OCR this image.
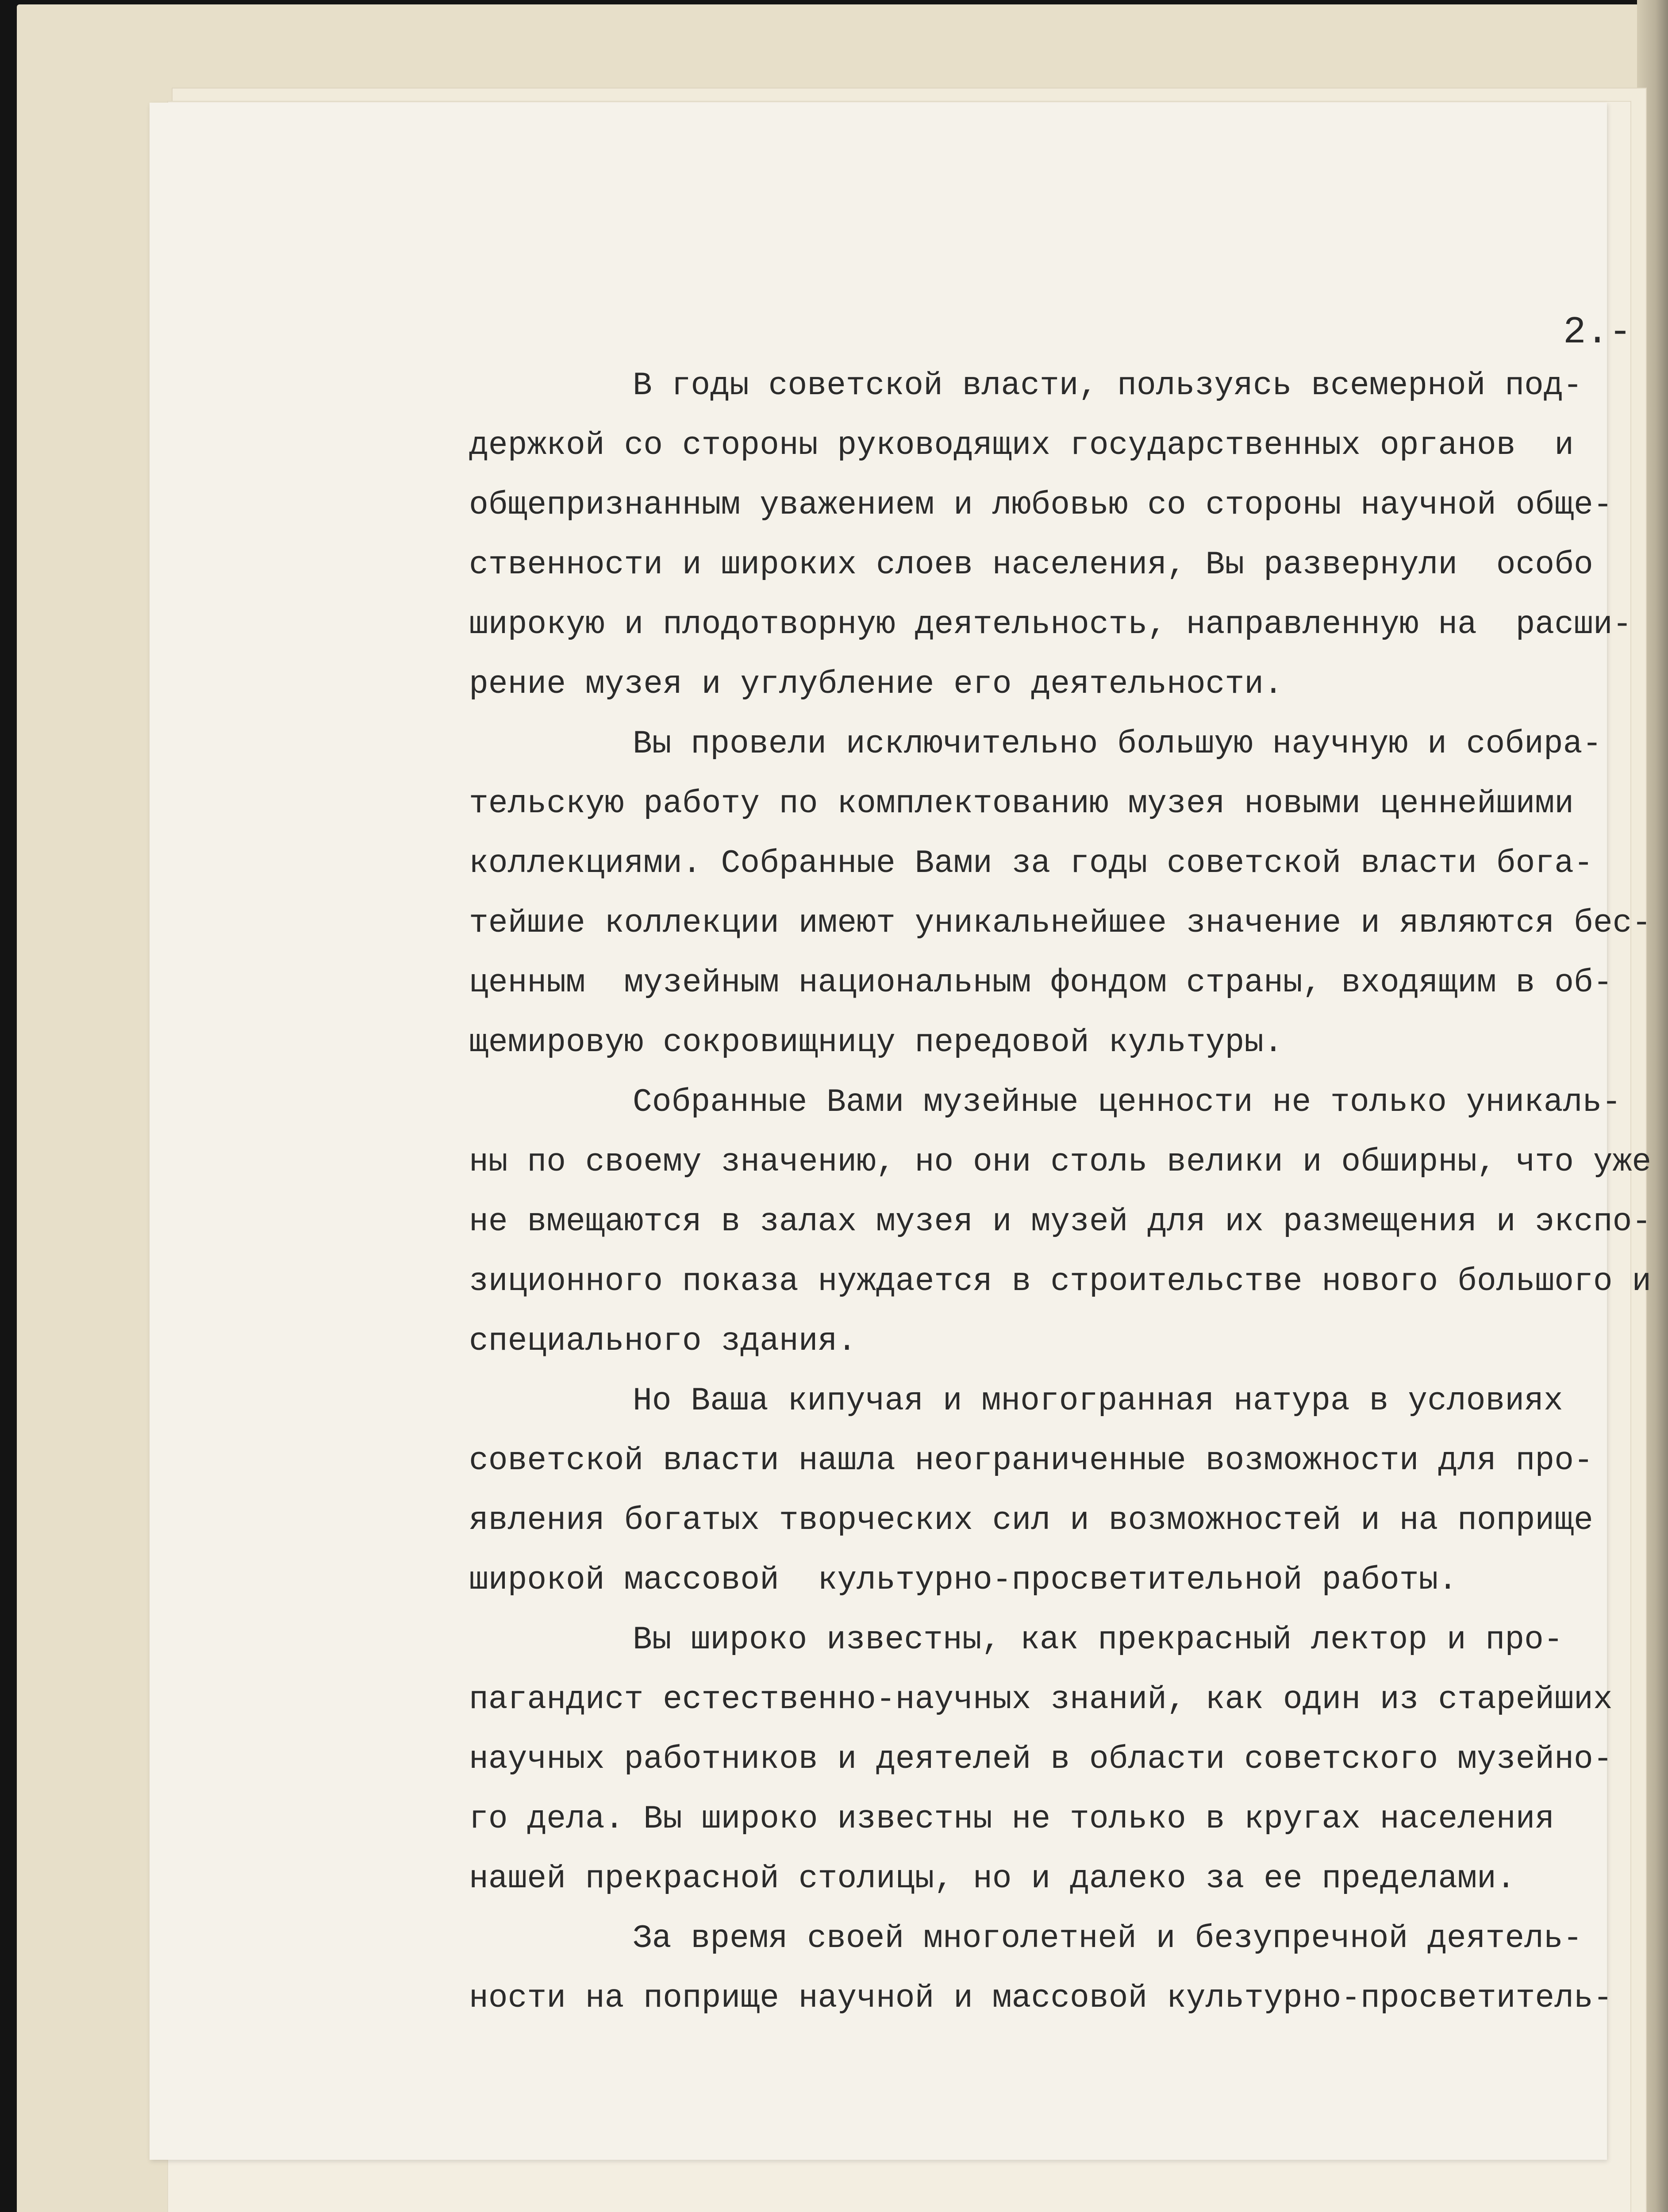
2.-
В годы советской власти, пользуясь всемерной под-
держкой со стороны руководящих государственных органов  и
общепризнанным уважением и любовью со стороны научной обще-
ственности и широких слоев населения, Вы развернули  особо
широкую и плодотворную деятельность, направленную на  расши-
рение музея и углубление его деятельности.
Вы провели исключительно большую научную и собира-
тельскую работу по комплектованию музея новыми ценнейшими
коллекциями. Собранные Вами за годы советской власти бога-
тейшие коллекции имеют уникальнейшее значение и являются бес-
ценным  музейным национальным фондом страны, входящим в об-
щемировую сокровищницу передовой культуры.
Собранные Вами музейные ценности не только уникаль-
ны по своему значению, но они столь велики и обширны, что уже
не вмещаются в залах музея и музей для их размещения и экспо-
зиционного показа нуждается в строительстве нового большого и
специального здания.
Но Ваша кипучая и многогранная натура в условиях
советской власти нашла неограниченные возможности для про-
явления богатых творческих сил и возможностей и на поприще
широкой массовой  культурно-просветительной работы.
Вы широко известны, как прекрасный лектор и про-
пагандист естественно-научных знаний, как один из старейших
научных работников и деятелей в области советского музейно-
го дела. Вы широко известны не только в кругах населения
нашей прекрасной столицы, но и далеко за ее пределами.
За время своей многолетней и безупречной деятель-
ности на поприще научной и массовой культурно-просветитель-
